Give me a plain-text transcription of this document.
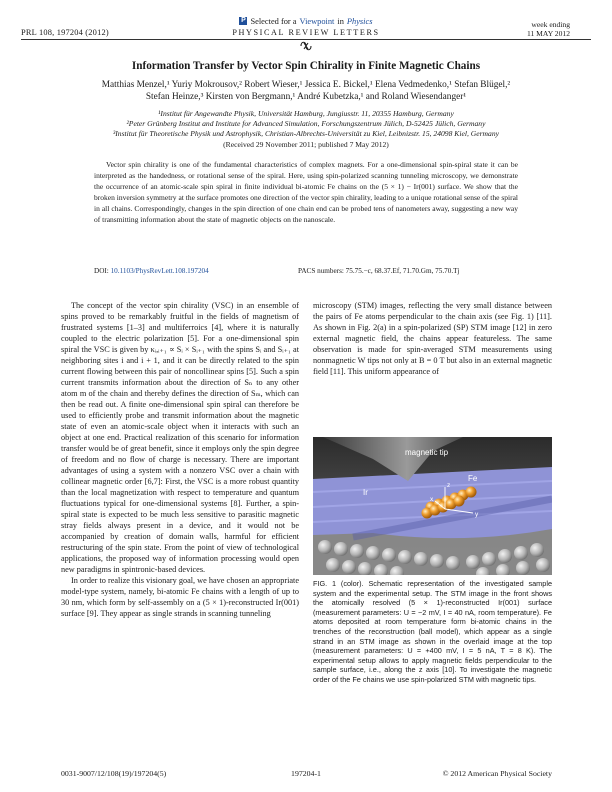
PRL 108, 197204 (2012)
P Selected for a Viewpoint in Physics
PHYSICAL REVIEW LETTERS
week ending
11 MAY 2012
Information Transfer by Vector Spin Chirality in Finite Magnetic Chains
Matthias Menzel,¹ Yuriy Mokrousov,² Robert Wieser,¹ Jessica E. Bickel,¹ Elena Vedmedenko,¹ Stefan Blügel,²
Stefan Heinze,³ Kirsten von Bergmann,¹ André Kubetzka,¹ and Roland Wiesendanger¹
¹Institut für Angewandte Physik, Universität Hamburg, Jungiusstr. 11, 20355 Hamburg, Germany
²Peter Grünberg Institut and Institute for Advanced Simulation, Forschungszentrum Jülich, D-52425 Jülich, Germany
³Institut für Theoretische Physik und Astrophysik, Christian-Albrechts-Universität zu Kiel, Leibnizstr. 15, 24098 Kiel, Germany
(Received 29 November 2011; published 7 May 2012)
Vector spin chirality is one of the fundamental characteristics of complex magnets. For a one-dimensional spin-spiral state it can be interpreted as the handedness, or rotational sense of the spiral. Here, using spin-polarized scanning tunneling microscopy, we demonstrate the occurrence of an atomic-scale spin spiral in finite individual bi-atomic Fe chains on the (5 × 1) − Ir(001) surface. We show that the broken inversion symmetry at the surface promotes one direction of the vector spin chirality, leading to a unique rotational sense of the spiral in all chains. Correspondingly, changes in the spin direction of one chain end can be probed tens of nanometers away, suggesting a new way of transmitting information about the state of magnetic objects on the nanoscale.
DOI: 10.1103/PhysRevLett.108.197204	PACS numbers: 75.75.−c, 68.37.Ef, 71.70.Gm, 75.70.Tj

The concept of the vector spin chirality (VSC) in an ensemble of spins proved to be remarkably fruitful in the fields of magnetism of frustrated systems [1–3] and multiferroics [4], where it is naturally coupled to the electric polarization [5]. For a one-dimensional spin spiral the VSC is given by κᵢ,ᵢ₊₁ ∝ Sᵢ × Sᵢ₊₁ with the spins Sᵢ and Sᵢ₊₁ at neighboring sites i and i + 1, and it can be directly related to the spin current flowing between this pair of noncollinear spins [5]. Such a spin current transmits information about the direction of Sₙ to any other atom m of the chain and thereby defines the direction of Sₘ, which can then be read out. A finite one-dimensional spin spiral can therefore be used to efficiently probe and transmit information about the magnetic state of even an atomic-scale object when it interacts with such an object at one end. Practical realization of this scenario for information transfer would be of great benefit, since it employs only the spin degree of freedom and no flow of charge is necessary. There are important advantages of using a system with a nonzero VSC over a chain with collinear magnetic order [6,7]: First, the VSC is a more robust quantity than the local magnetization with respect to temperature and quantum fluctuations typical for one-dimensional systems [8]. Further, a spin-spiral state is expected to be much less sensitive to parasitic magnetic stray fields always present in a device, and it would not be accompanied by creation of domain walls, harmful for efficient restructuring of the spin state. From the point of view of technological applications, the proposed way of information processing would open new paradigms in spintronic-based devices.

In order to realize this visionary goal, we have chosen an appropriate model-type system, namely, bi-atomic Fe chains with a length of up to 30 nm, which form by self-assembly on a (5 × 1)-reconstructed Ir(001) surface [9]. They appear as single strands in scanning tunneling

microscopy (STM) images, reflecting the very small distance between the pairs of Fe atoms perpendicular to the chain axis (see Fig. 1) [11]. As shown in Fig. 2(a) in a spin-polarized (SP) STM image [12] in zero external magnetic field, the chains appear featureless. The same observation is made for spin-averaged STM measurements using nonmagnetic W tips not only at B = 0 T but also in an external magnetic field [11]. This uniform appearance of

magnetic tip
Fe
Ir
z
y
x
FIG. 1 (color). Schematic representation of the investigated sample system and the experimental setup. The STM image in the front shows the atomically resolved (5 × 1)-reconstructed Ir(001) surface (measurement parameters: U = −2 mV, I = 40 nA, room temperature). Fe atoms deposited at room temperature form bi-atomic chains in the trenches of the reconstruction (ball model), which appear as a single strand in an STM image as shown in the overlaid image at the top (measurement parameters: U = +400 mV, I = 5 nA, T = 8 K). The experimental setup allows to apply magnetic fields perpendicular to the sample surface, i.e., along the z axis [10]. To investigate the magnetic order of the Fe chains we use spin-polarized STM with magnetic tips.
0031-9007/12/108(19)/197204(5)	197204-1	© 2012 American Physical Society
